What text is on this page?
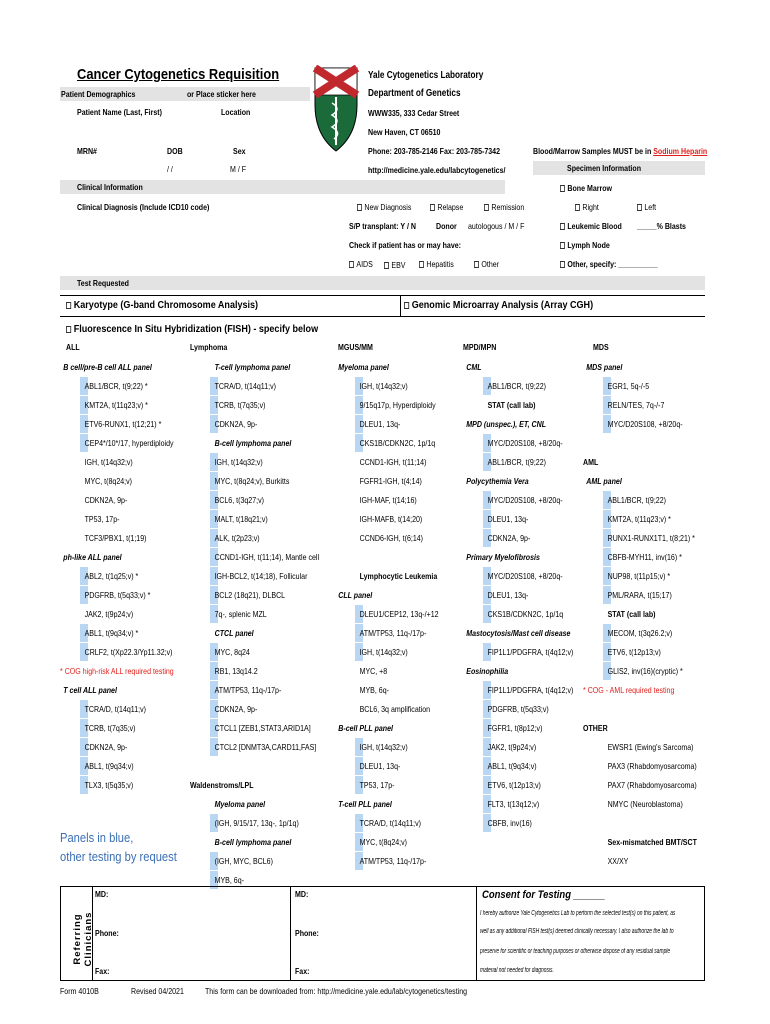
Cancer Cytogenetics Requisition
Patient Demographics	or Place sticker here
Patient Name (Last, First)	Location
MRN#	DOB	Sex
/ /	M / F
Yale Cytogenetics Laboratory
Department of Genetics
WWW335, 333 Cedar Street
New Haven, CT 06510
Phone: 203-785-2146 Fax: 203-785-7342
http://medicine.yale.edu/labcytogenetics/
Blood/Marrow Samples MUST be in Sodium Heparin
Clinical Information
Specimen Information
Clinical Diagnosis (Include ICD10 code)	New Diagnosis	Relapse	Remission
S/P transplant: Y / N Donor autologous / M / F
Check if patient has or may have:
AIDS	EBV	Hepatitis	Other
Bone Marrow
Right	Left
Leukemic Blood _____% Blasts
Lymph Node
Other, specify: __________
Test Requested
Karyotype (G-band Chromosome Analysis)	Genomic Microarray Analysis (Array CGH)
Fluorescence In Situ Hybridization (FISH) - specify below
ALL	Lymphoma	MGUS/MM	MPD/MPN	MDS
B cell/pre-B cell ALL panel
ABL1/BCR, t(9;22) *
KMT2A, t(11q23;v) *
ETV6-RUNX1, t(12;21) *
CEP4*/10*/17, hyperdiploidy
IGH, t(14q32;v)
MYC, t(8q24;v)
CDKN2A, 9p-
TP53, 17p-
TCF3/PBX1, t(1;19)
ph-like ALL panel
ABL2, t(1q25;v) *
PDGFRB, t(5q33;v) *
JAK2, t(9p24;v)
ABL1, t(9q34;v) *
CRLF2, t(Xp22.3/Yp11.32;v)
* COG high-risk ALL required testing
T cell ALL panel
TCRA/D, t(14q11;v)
TCRB, t(7q35;v)
CDKN2A, 9p-
ABL1, t(9q34;v)
TLX3, t(5q35;v)
T-cell lymphoma panel
TCRA/D, t(14q11;v)
TCRB, t(7q35;v)
CDKN2A, 9p-
B-cell lymphoma panel
IGH, t(14q32;v)
MYC, t(8q24;v), Burkitts
BCL6, t(3q27;v)
MALT, t(18q21;v)
ALK, t(2p23;v)
CCND1-IGH, t(11;14), Mantle cell
IGH-BCL2, t(14;18), Follicular
BCL2 (18q21), DLBCL
7q-, splenic MZL
CTCL panel
MYC, 8q24
RB1, 13q14.2
ATM/TP53, 11q-/17p-
CDKN2A, 9p-
CTCL1 [ZEB1,STAT3,ARID1A]
CTCL2 [DNMT3A,CARD11,FAS]
Waldenstroms/LPL
Myeloma panel
(IGH, 9/15/17, 13q-, 1p/1q)
B-cell lymphoma panel
(IGH, MYC, BCL6)
MYB, 6q-
Myeloma panel
IGH, t(14q32;v)
9/15q17p, Hyperdiploidy
DLEU1, 13q-
CKS1B/CDKN2C, 1p/1q
CCND1-IGH, t(11;14)
FGFR1-IGH, t(4;14)
IGH-MAF, t(14;16)
IGH-MAFB, t(14;20)
CCND6-IGH, t(6;14)
Lymphocytic Leukemia
CLL panel
DLEU1/CEP12, 13q-/+12
ATM/TP53, 11q-/17p-
IGH, t(14q32;v)
MYC, +8
MYB, 6q-
BCL6, 3q amplification
B-cell PLL panel
IGH, t(14q32;v)
DLEU1, 13q-
TP53, 17p-
T-cell PLL panel
TCRA/D, t(14q11;v)
MYC, t(8q24;v)
ATM/TP53, 11q-/17p-
CML
ABL1/BCR, t(9;22)
STAT (call lab)
MPD (unspec.), ET, CNL
MYC/D20S108, +8/20q-
ABL1/BCR, t(9;22)
Polycythemia Vera
MYC/D20S108, +8/20q-
DLEU1, 13q-
CDKN2A, 9p-
Primary Myelofibrosis
MYC/D20S108, +8/20q-
DLEU1, 13q-
CKS1B/CDKN2C, 1p/1q
Mastocytosis/Mast cell disease
FIP1L1/PDGFRA, t(4q12;v)
Eosinophilia
FIP1L1/PDGFRA, t(4q12;v)
PDGFRB, t(5q33;v)
FGFR1, t(8p12;v)
JAK2, t(9p24;v)
ABL1, t(9q34;v)
ETV6, t(12p13;v)
FLT3, t(13q12;v)
CBFB, inv(16)
MDS panel
EGR1, 5q-/-5
RELN/TES, 7q-/-7
MYC/D20S108, +8/20q-
AML
AML panel
ABL1/BCR, t(9;22)
KMT2A, t(11q23;v) *
RUNX1-RUNX1T1, t(8;21) *
CBFB-MYH11, inv(16) *
NUP98, t(11p15;v) *
PML/RARA, t(15;17)
STAT (call lab)
MECOM, t(3q26.2;v)
ETV6, t(12p13;v)
GLIS2, inv(16)(cryptic) *
* COG - AML required testing
OTHER
EWSR1 (Ewing's Sarcoma)
PAX3 (Rhabdomyosarcoma)
PAX7 (Rhabdomyosarcoma)
NMYC (Neuroblastoma)
Sex-mismatched BMT/SCT
XX/XY
Panels in blue,
other testing by request
Referring Clinicians
MD:
Phone:
Fax:
MD:
Phone:
Fax:
Consent for Testing ______
I hereby authorize Yale Cytogenetics Lab to perform the selected test(s) on this patient, as
well as any additional FISH test(s) deemed clinically necessary. I also authorize the lab to
preserve for scientific or teaching purposes or otherwise dispose of any residual sample
material not needed for diagnosis.
Form 4010B	Revised 04/2021 This form can be downloaded from: http://medicine.yale.edu/lab/cytogenetics/testing
